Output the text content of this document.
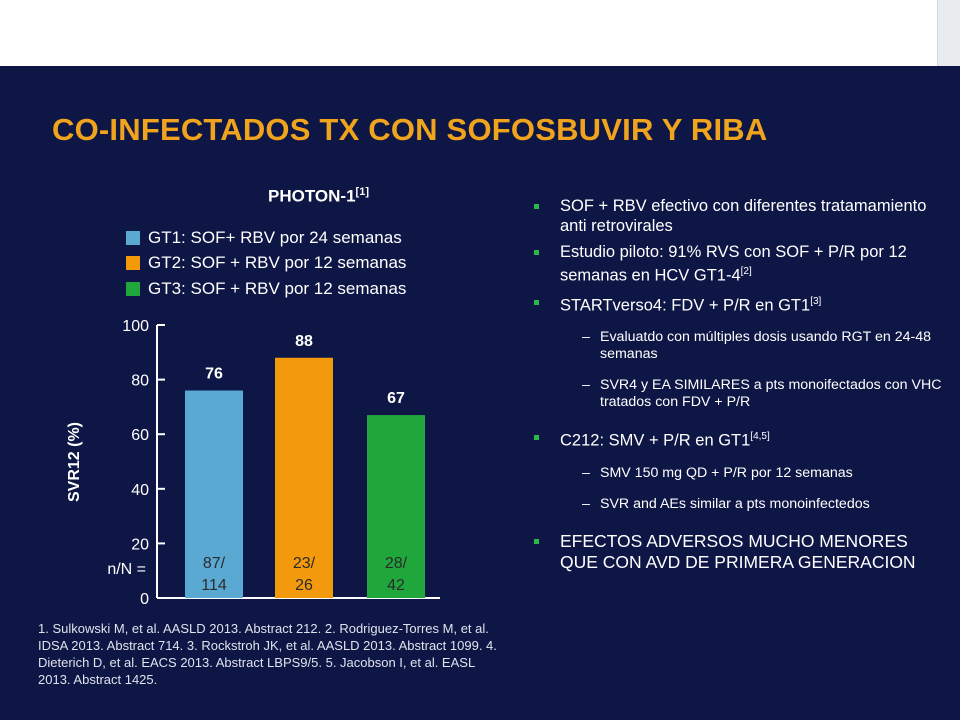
CO-INFECTADOS TX CON SOFOSBUVIR Y RIBA
PHOTON-1[1]
GT1: SOF+ RBV por 24 semanas
GT2: SOF + RBV por 12 semanas
GT3: SOF + RBV por 12 semanas
0
20
40
60
80
100
SVR12 (%)
n/N =
76
87/
114
88
23/
26
67
28/
42

1. Sulkowski M, et al. AASLD 2013. Abstract 212. 2. Rodriguez-Torres M, et al. IDSA 2013. Abstract 714. 3. Rockstroh JK, et al. AASLD 2013. Abstract 1099. 4. Dieterich D, et al. EACS 2013. Abstract LBPS9/5. 5. Jacobson I, et al. EASL 2013. Abstract 1425.

SOF + RBV efectivo con diferentes tratamamiento anti retrovirales
Estudio piloto: 91% RVS con SOF + P/R por 12 semanas en HCV GT1-4[2]
STARTverso4: FDV + P/R en GT1[3]
– Evaluatdo con múltiples dosis usando RGT en 24-48 semanas
– SVR4 y EA SIMILARES a pts monoifectados con VHC tratados con FDV + P/R
C212: SMV + P/R en GT1[4,5]
– SMV 150 mg QD + P/R por 12 semanas
– SVR and AEs similar a pts monoinfectedos
EFECTOS ADVERSOS MUCHO MENORES QUE CON AVD DE PRIMERA GENERACION
